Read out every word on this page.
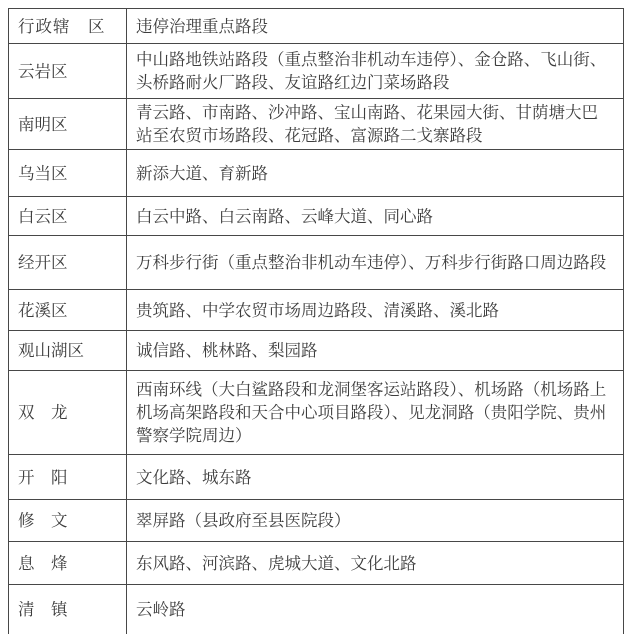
行政辖　区	违停治理重点路段
云岩区	中山路地铁站路段（重点整治非机动车违停）、金仓路、飞山街、头桥路耐火厂路段、友谊路红边门菜场路段
南明区	青云路、市南路、沙冲路、宝山南路、花果园大街、甘荫塘大巴站至农贸市场路段、花冠路、富源路二戈寨路段
乌当区	新添大道、育新路
白云区	白云中路、白云南路、云峰大道、同心路
经开区	万科步行街（重点整治非机动车违停）、万科步行街路口周边路段
花溪区	贵筑路、中学农贸市场周边路段、清溪路、溪北路
观山湖区	诚信路、桃林路、梨园路
双　龙	西南环线（大白鲨路段和龙洞堡客运站路段）、机场路（机场路上机场高架路段和天合中心项目路段）、见龙洞路（贵阳学院、贵州警察学院周边）
开　阳	文化路、城东路
修　文	翠屏路（县政府至县医院段）
息　烽	东风路、河滨路、虎城大道、文化北路
清　镇	云岭路
